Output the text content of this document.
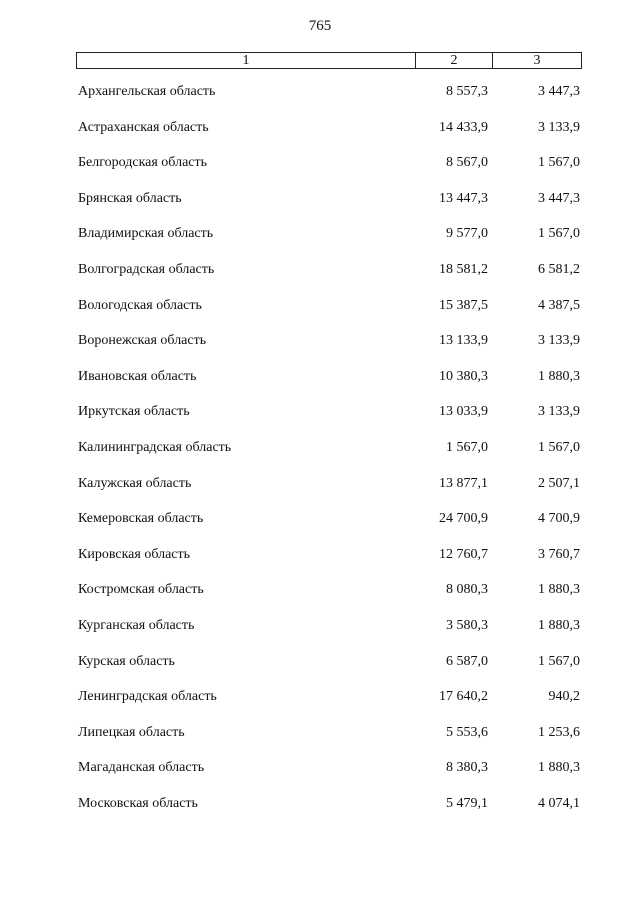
765
1	2	3
Архангельская область	8 557,3	3 447,3
Астраханская область	14 433,9	3 133,9
Белгородская область	8 567,0	1 567,0
Брянская область	13 447,3	3 447,3
Владимирская область	9 577,0	1 567,0
Волгоградская область	18 581,2	6 581,2
Вологодская область	15 387,5	4 387,5
Воронежская область	13 133,9	3 133,9
Ивановская область	10 380,3	1 880,3
Иркутская область	13 033,9	3 133,9
Калининградская область	1 567,0	1 567,0
Калужская область	13 877,1	2 507,1
Кемеровская область	24 700,9	4 700,9
Кировская область	12 760,7	3 760,7
Костромская область	8 080,3	1 880,3
Курганская область	3 580,3	1 880,3
Курская область	6 587,0	1 567,0
Ленинградская область	17 640,2	940,2
Липецкая область	5 553,6	1 253,6
Магаданская область	8 380,3	1 880,3
Московская область	5 479,1	4 074,1
